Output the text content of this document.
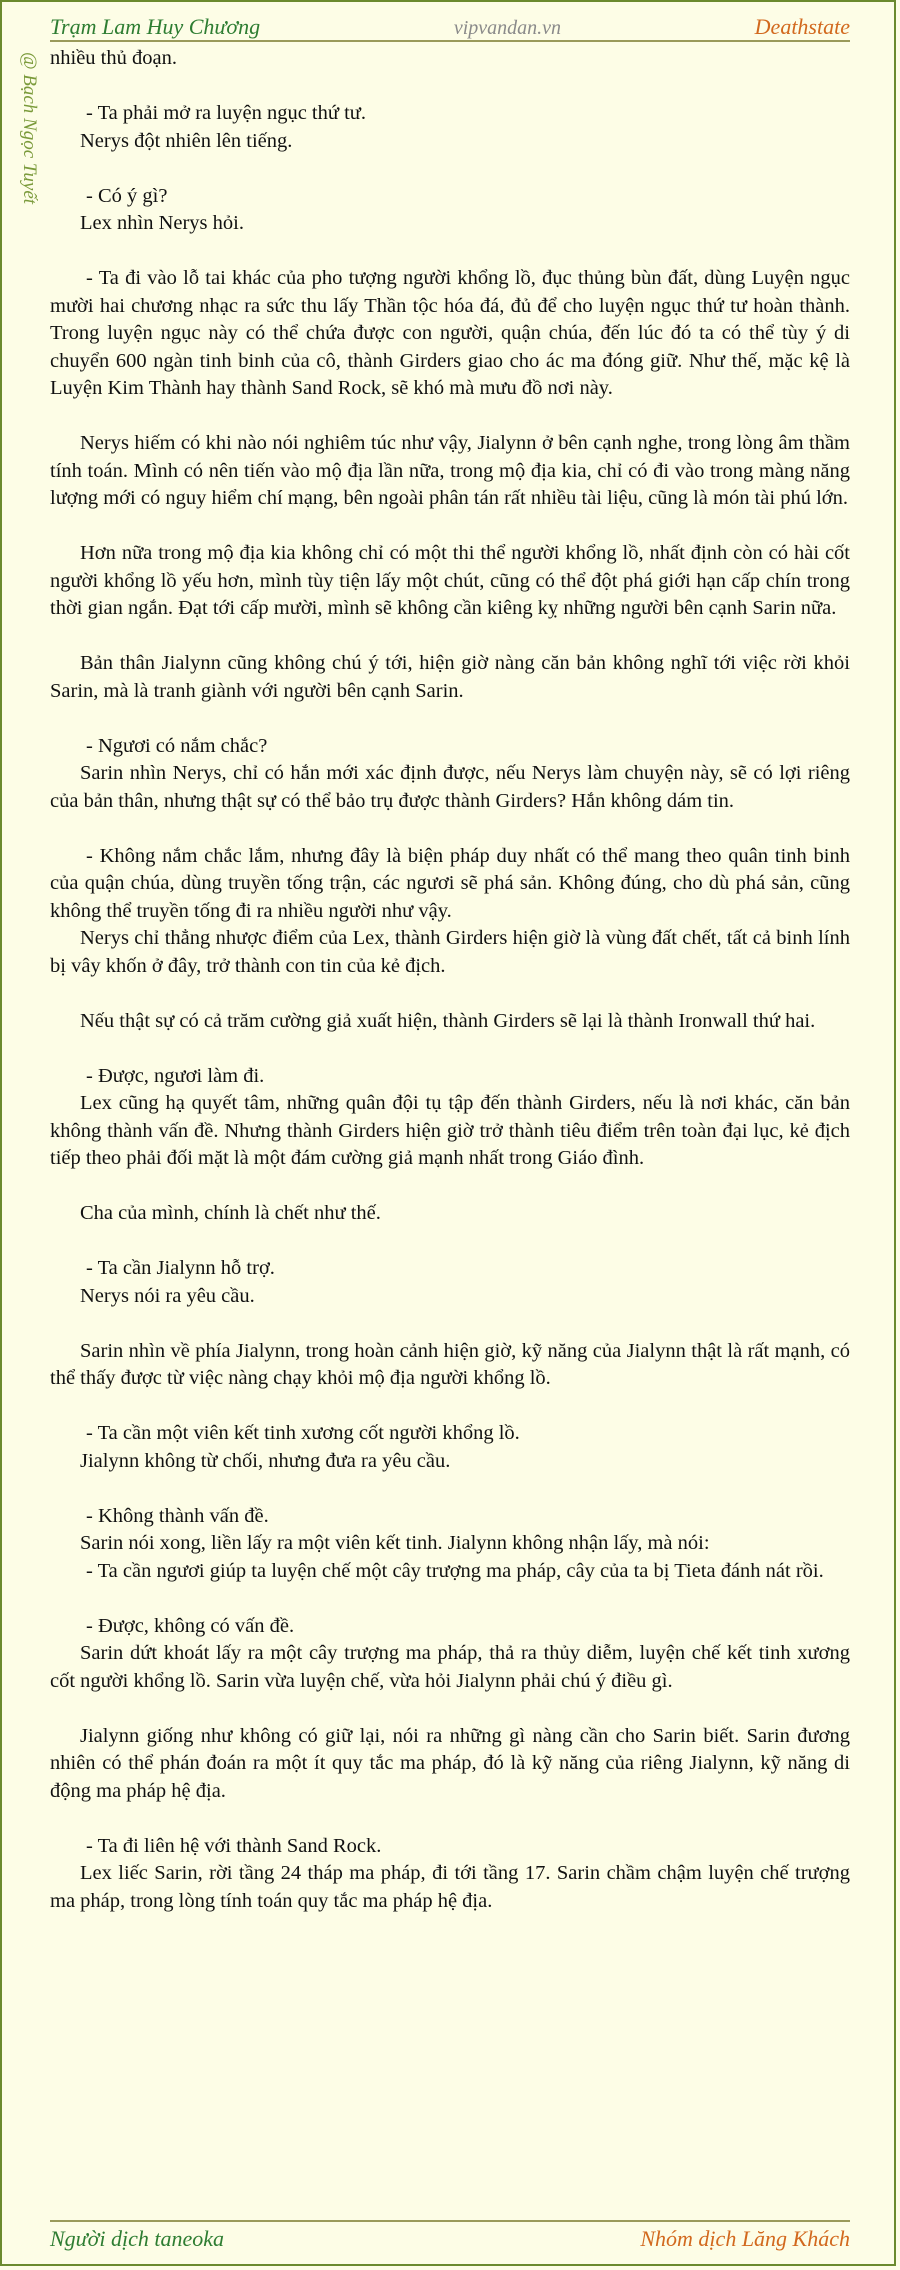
Trạm Lam Huy Chương	vipvandan.vn	Deathstate
@ Bạch Ngọc Tuyết nhiều thủ đoạn.

- Ta phải mở ra luyện ngục thứ tư.

Nerys đột nhiên lên tiếng.

- Có ý gì?

Lex nhìn Nerys hỏi.

- Ta đi vào lỗ tai khác của pho tượng người khổng lồ, đục thủng bùn đất, dùng Luyện ngục mười hai chương nhạc ra sức thu lấy Thần tộc hóa đá, đủ để cho luyện ngục thứ tư hoàn thành. Trong luyện ngục này có thể chứa được con người, quận chúa, đến lúc đó ta có thể tùy ý di chuyển 600 ngàn tinh binh của cô, thành Girders giao cho ác ma đóng giữ. Như thế, mặc kệ là Luyện Kim Thành hay thành Sand Rock, sẽ khó mà mưu đồ nơi này.

Nerys hiếm có khi nào nói nghiêm túc như vậy, Jialynn ở bên cạnh nghe, trong lòng âm thầm tính toán. Mình có nên tiến vào mộ địa lần nữa, trong mộ địa kia, chỉ có đi vào trong màng năng lượng mới có nguy hiểm chí mạng, bên ngoài phân tán rất nhiều tài liệu, cũng là món tài phú lớn.

Hơn nữa trong mộ địa kia không chỉ có một thi thể người khổng lồ, nhất định còn có hài cốt người khổng lồ yếu hơn, mình tùy tiện lấy một chút, cũng có thể đột phá giới hạn cấp chín trong thời gian ngắn. Đạt tới cấp mười, mình sẽ không cần kiêng kỵ những người bên cạnh Sarin nữa.

Bản thân Jialynn cũng không chú ý tới, hiện giờ nàng căn bản không nghĩ tới việc rời khỏi Sarin, mà là tranh giành với người bên cạnh Sarin.

- Ngươi có nắm chắc?

Sarin nhìn Nerys, chỉ có hắn mới xác định được, nếu Nerys làm chuyện này, sẽ có lợi riêng của bản thân, nhưng thật sự có thể bảo trụ được thành Girders? Hắn không dám tin.

- Không nắm chắc lắm, nhưng đây là biện pháp duy nhất có thể mang theo quân tinh binh của quận chúa, dùng truyền tống trận, các ngươi sẽ phá sản. Không đúng, cho dù phá sản, cũng không thể truyền tống đi ra nhiều người như vậy.

Nerys chỉ thẳng nhược điểm của Lex, thành Girders hiện giờ là vùng đất chết, tất cả binh lính bị vây khốn ở đây, trở thành con tin của kẻ địch.

Nếu thật sự có cả trăm cường giả xuất hiện, thành Girders sẽ lại là thành Ironwall thứ hai.

- Được, ngươi làm đi.

Lex cũng hạ quyết tâm, những quân đội tụ tập đến thành Girders, nếu là nơi khác, căn bản không thành vấn đề. Nhưng thành Girders hiện giờ trở thành tiêu điểm trên toàn đại lục, kẻ địch tiếp theo phải đối mặt là một đám cường giả mạnh nhất trong Giáo đình.

Cha của mình, chính là chết như thế.

- Ta cần Jialynn hỗ trợ.

Nerys nói ra yêu cầu.

Sarin nhìn về phía Jialynn, trong hoàn cảnh hiện giờ, kỹ năng của Jialynn thật là rất mạnh, có thể thấy được từ việc nàng chạy khỏi mộ địa người khổng lồ.

- Ta cần một viên kết tinh xương cốt người khổng lồ.

Jialynn không từ chối, nhưng đưa ra yêu cầu.

- Không thành vấn đề.

Sarin nói xong, liền lấy ra một viên kết tinh. Jialynn không nhận lấy, mà nói:

- Ta cần ngươi giúp ta luyện chế một cây trượng ma pháp, cây của ta bị Tieta đánh nát rồi.

- Được, không có vấn đề.

Sarin dứt khoát lấy ra một cây trượng ma pháp, thả ra thủy diễm, luyện chế kết tinh xương cốt người khổng lồ. Sarin vừa luyện chế, vừa hỏi Jialynn phải chú ý điều gì.

Jialynn giống như không có giữ lại, nói ra những gì nàng cần cho Sarin biết. Sarin đương nhiên có thể phán đoán ra một ít quy tắc ma pháp, đó là kỹ năng của riêng Jialynn, kỹ năng di động ma pháp hệ địa.

- Ta đi liên hệ với thành Sand Rock.

Lex liếc Sarin, rời tầng 24 tháp ma pháp, đi tới tầng 17. Sarin chầm chậm luyện chế trượng ma pháp, trong lòng tính toán quy tắc ma pháp hệ địa.

Người dịch taneoka	Nhóm dịch Lăng Khách
